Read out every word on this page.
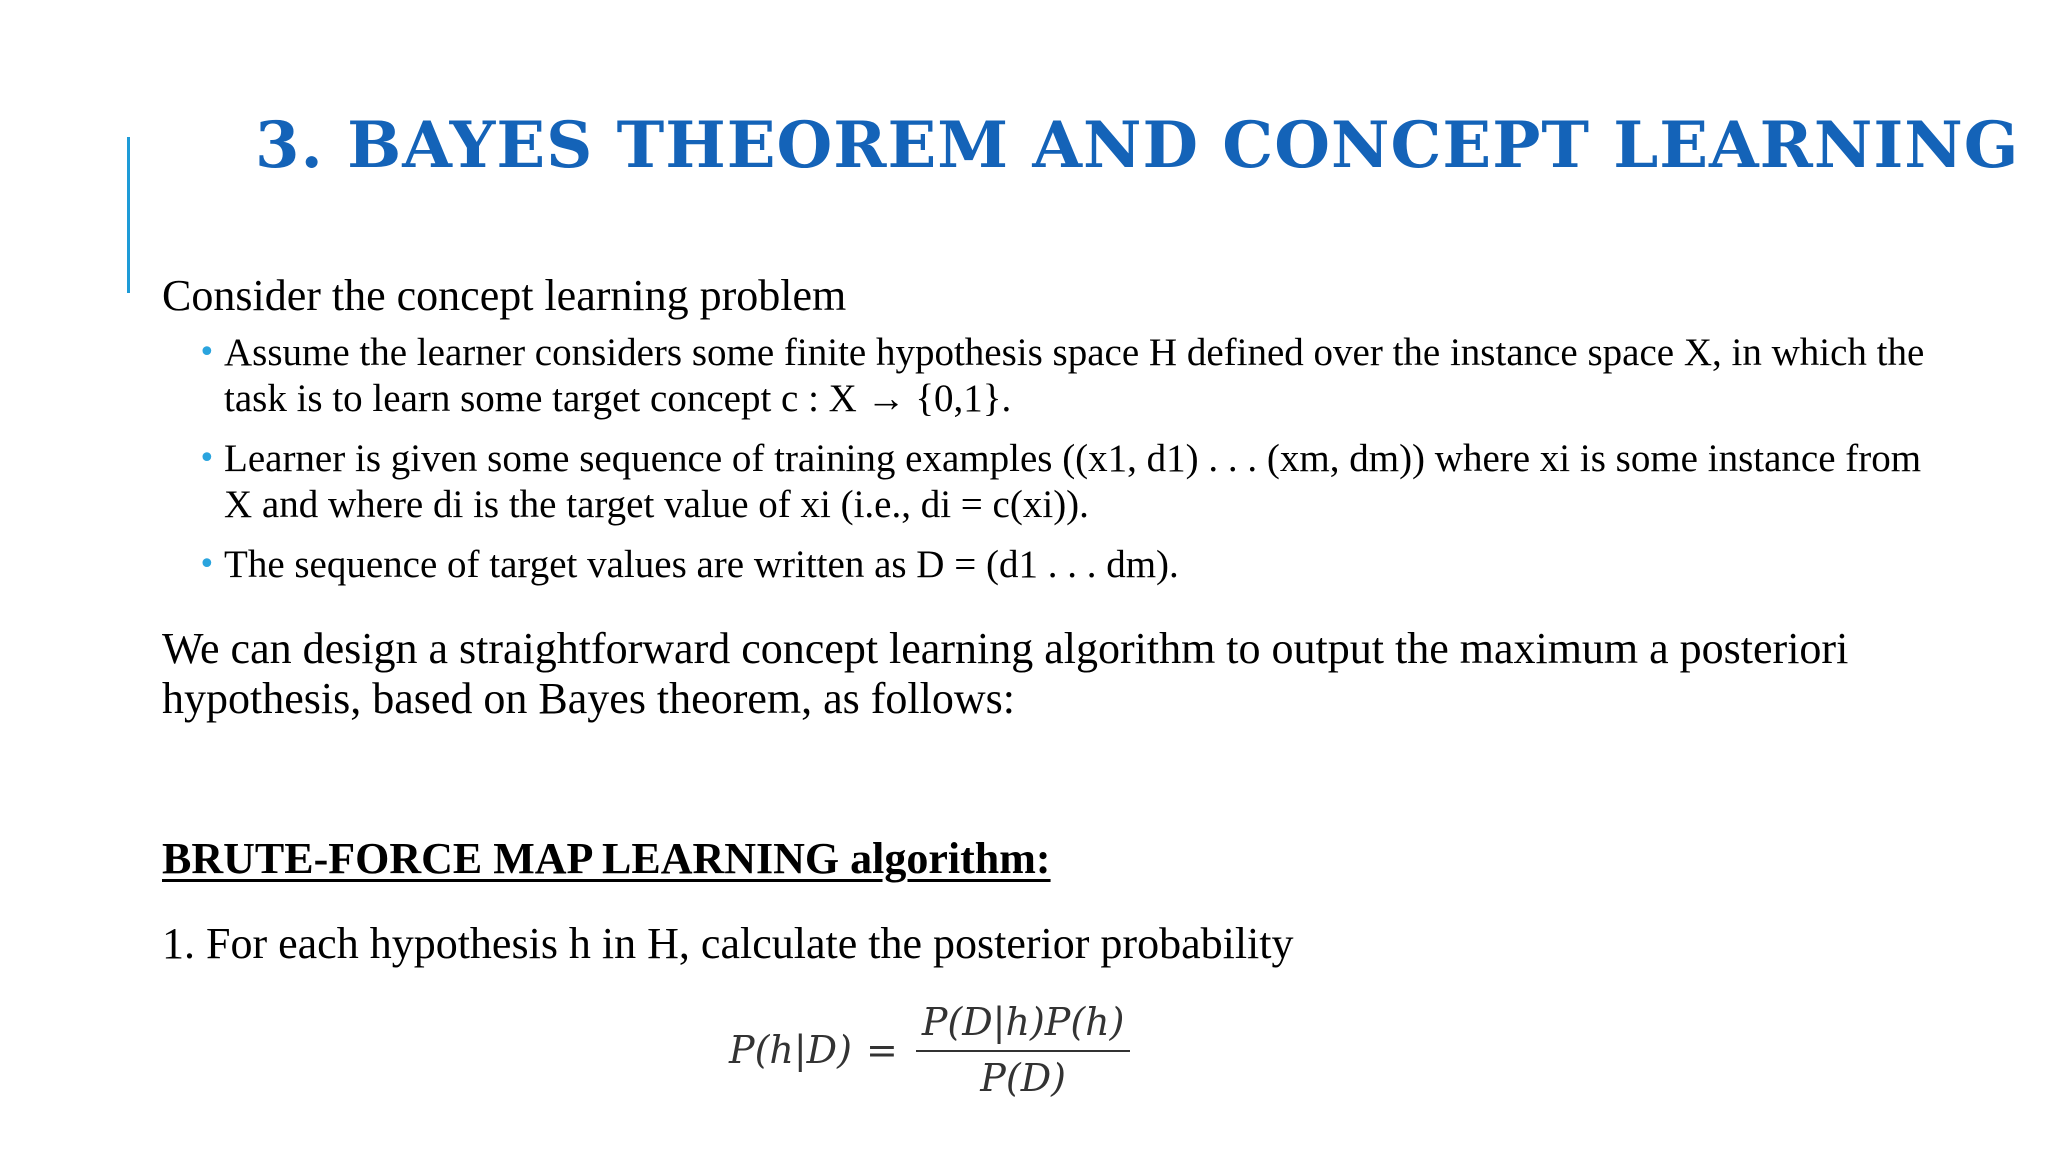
3. BAYES THEOREM AND CONCEPT LEARNING
Consider the concept learning problem
• Assume the learner considers some finite hypothesis space H defined over the instance space X, in which the task is to learn some target concept c : X → {0,1}.
• Learner is given some sequence of training examples ((x1, d1) . . . (xm, dm)) where xi is some instance from X and where di is the target value of xi (i.e., di = c(xi)).
• The sequence of target values are written as D = (d1 . . . dm).
We can design a straightforward concept learning algorithm to output the maximum a posteriori hypothesis, based on Bayes theorem, as follows:
BRUTE-FORCE MAP LEARNING algorithm:
1. For each hypothesis h in H, calculate the posterior probability
$P(h|D) = \frac{P(D|h)P(h)}{P(D)}$
